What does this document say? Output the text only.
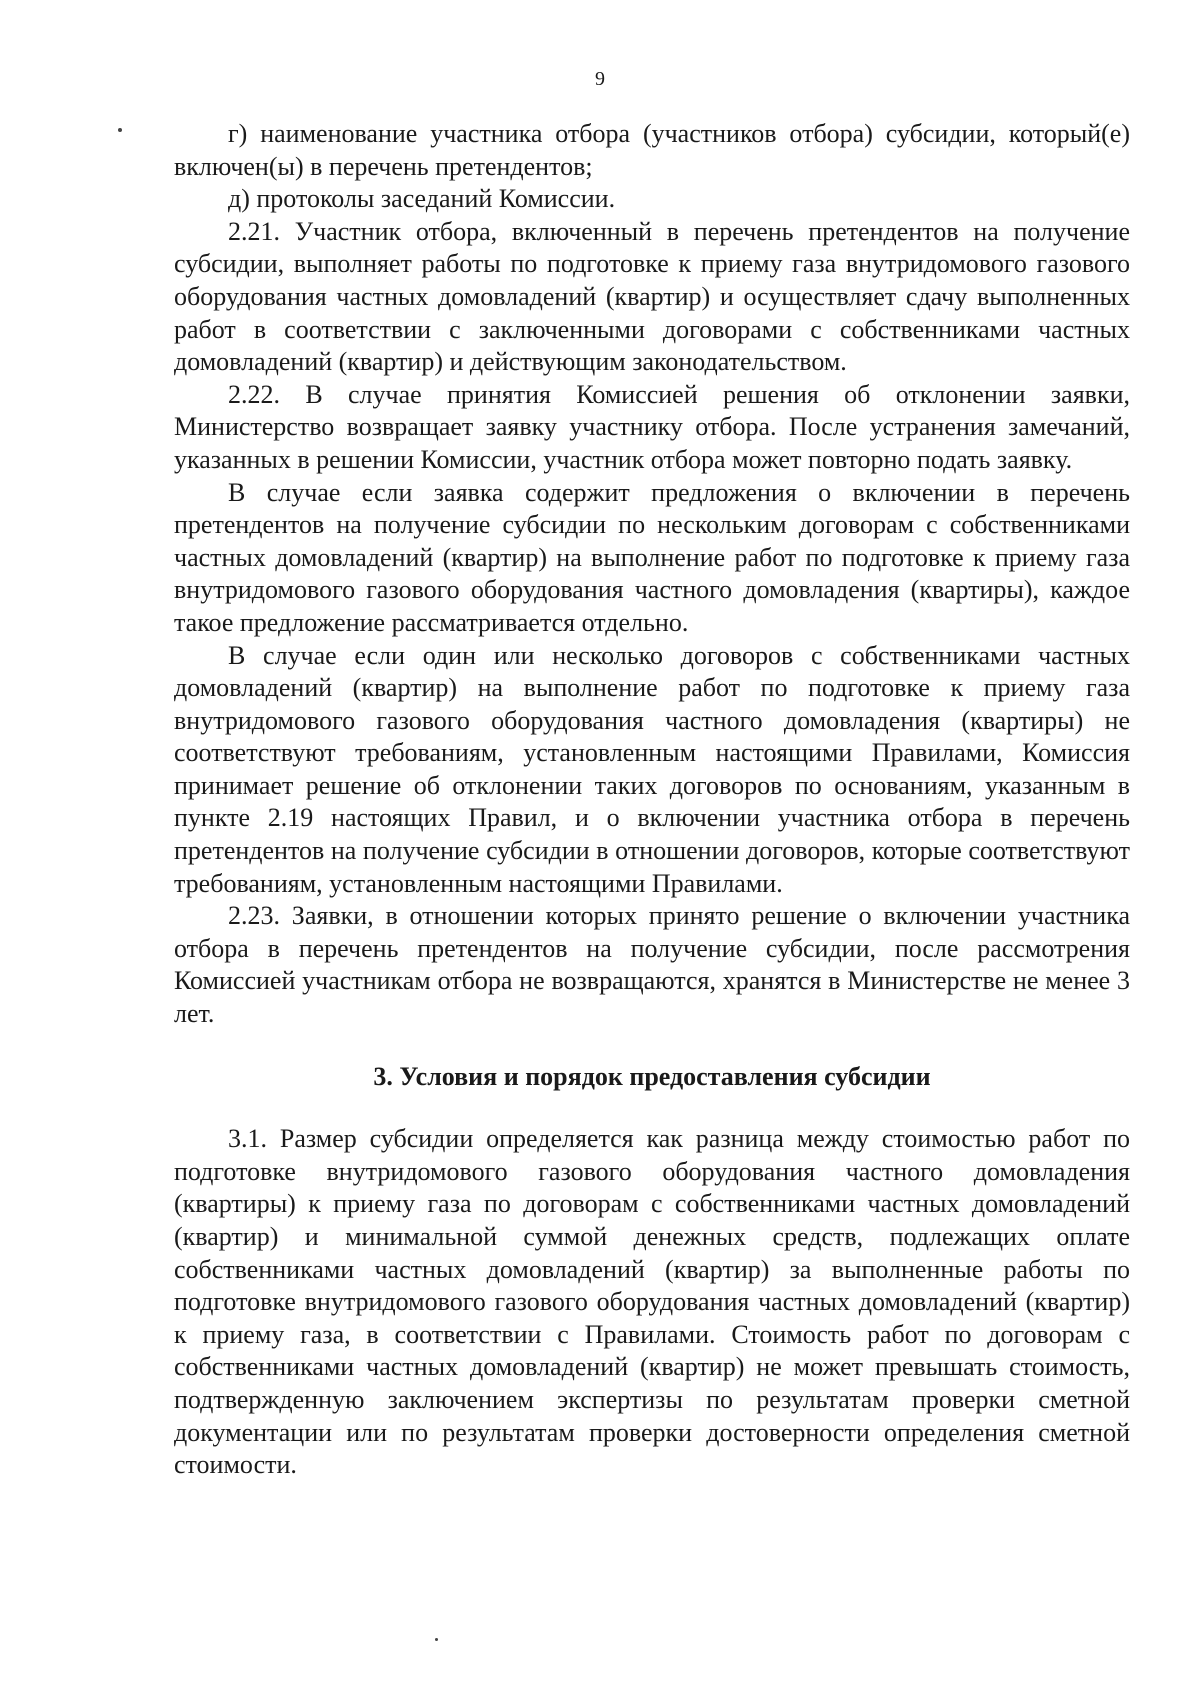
9

г) наименование участника отбора (участников отбора) субсидии, который(е) включен(ы) в перечень претендентов;

д) протоколы заседаний Комиссии.

2.21. Участник отбора, включенный в перечень претендентов на получение субсидии, выполняет работы по подготовке к приему газа внутридомового газового оборудования частных домовладений (квартир) и осуществляет сдачу выполненных работ в соответствии с заключенными договорами с собственниками частных домовладений (квартир) и действующим законодательством.

2.22. В случае принятия Комиссией решения об отклонении заявки, Министерство возвращает заявку участнику отбора. После устранения замечаний, указанных в решении Комиссии, участник отбора может повторно подать заявку.

В случае если заявка содержит предложения о включении в перечень претендентов на получение субсидии по нескольким договорам с собственниками частных домовладений (квартир) на выполнение работ по подготовке к приему газа внутридомового газового оборудования частного домовладения (квартиры), каждое такое предложение рассматривается отдельно.

В случае если один или несколько договоров с собственниками частных домовладений (квартир) на выполнение работ по подготовке к приему газа внутридомового газового оборудования частного домовладения (квартиры) не соответствуют требованиям, установленным настоящими Правилами, Комиссия принимает решение об отклонении таких договоров по основаниям, указанным в пункте 2.19 настоящих Правил, и о включении участника отбора в перечень претендентов на получение субсидии в отношении договоров, которые соответствуют требованиям, установленным настоящими Правилами.

2.23. Заявки, в отношении которых принято решение о включении участника отбора в перечень претендентов на получение субсидии, после рассмотрения Комиссией участникам отбора не возвращаются, хранятся в Министерстве не менее 3 лет.

3. Условия и порядок предоставления субсидии

3.1. Размер субсидии определяется как разница между стоимостью работ по подготовке внутридомового газового оборудования частного домовладения (квартиры) к приему газа по договорам с собственниками частных домовладений (квартир) и минимальной суммой денежных средств, подлежащих оплате собственниками частных домовладений (квартир) за выполненные работы по подготовке внутридомового газового оборудования частных домовладений (квартир) к приему газа, в соответствии с Правилами. Стоимость работ по договорам с собственниками частных домовладений (квартир) не может превышать стоимость, подтвержденную заключением экспертизы по результатам проверки сметной документации или по результатам проверки достоверности определения сметной стоимости.
